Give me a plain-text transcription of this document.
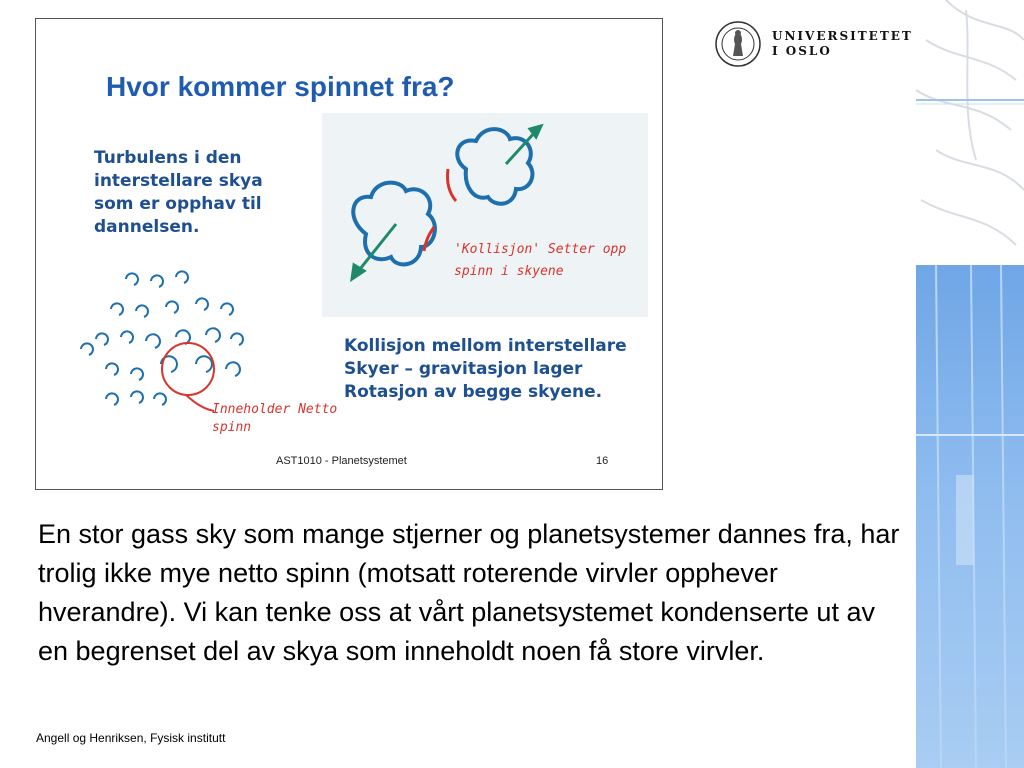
UNIVERSITETET
I OSLO
Hvor kommer spinnet fra?
Turbulens i den interstellare skya som er opphav til dannelsen.
'Kollisjon' Setter opp spinn i skyene
Inneholder Netto spinn
Kollisjon mellom interstellare Skyer – gravitasjon lager Rotasjon av begge skyene.
AST1010 - Planetsystemet	16
En stor gass sky som mange stjerner og planetsystemer dannes fra, har trolig ikke mye netto spinn (motsatt roterende virvler opphever hverandre). Vi kan tenke oss at vårt planetsystemet kondenserte ut av en begrenset del av skya som inneholdt noen få store virvler.
Angell og Henriksen, Fysisk institutt
